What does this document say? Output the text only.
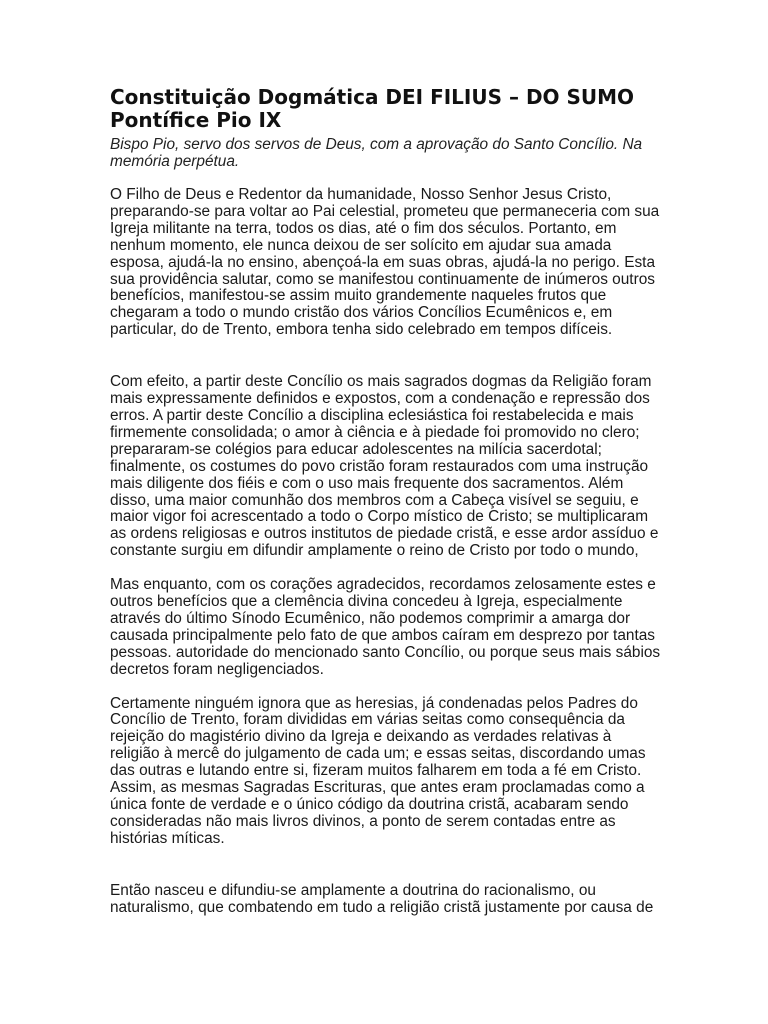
Constituição Dogmática DEI FILIUS – DO SUMO Pontífice Pio IX

Bispo Pio, servo dos servos de Deus, com a aprovação do Santo Concílio. Na memória perpétua.

O Filho de Deus e Redentor da humanidade, Nosso Senhor Jesus Cristo, preparando-se para voltar ao Pai celestial, prometeu que permaneceria com sua Igreja militante na terra, todos os dias, até o fim dos séculos. Portanto, em nenhum momento, ele nunca deixou de ser solícito em ajudar sua amada esposa, ajudá-la no ensino, abençoá-la em suas obras, ajudá-la no perigo. Esta sua providência salutar, como se manifestou continuamente de inúmeros outros benefícios, manifestou-se assim muito grandemente naqueles frutos que chegaram a todo o mundo cristão dos vários Concílios Ecumênicos e, em particular, do de Trento, embora tenha sido celebrado em tempos difíceis.

Com efeito, a partir deste Concílio os mais sagrados dogmas da Religião foram mais expressamente definidos e expostos, com a condenação e repressão dos erros. A partir deste Concílio a disciplina eclesiástica foi restabelecida e mais firmemente consolidada; o amor à ciência e à piedade foi promovido no clero; prepararam-se colégios para educar adolescentes na milícia sacerdotal; finalmente, os costumes do povo cristão foram restaurados com uma instrução mais diligente dos fiéis e com o uso mais frequente dos sacramentos. Além disso, uma maior comunhão dos membros com a Cabeça visível se seguiu, e maior vigor foi acrescentado a todo o Corpo místico de Cristo; se multiplicaram as ordens religiosas e outros institutos de piedade cristã, e esse ardor assíduo e constante surgiu em difundir amplamente o reino de Cristo por todo o mundo,

Mas enquanto, com os corações agradecidos, recordamos zelosamente estes e outros benefícios que a clemência divina concedeu à Igreja, especialmente através do último Sínodo Ecumênico, não podemos comprimir a amarga dor causada principalmente pelo fato de que ambos caíram em desprezo por tantas pessoas. autoridade do mencionado santo Concílio, ou porque seus mais sábios decretos foram negligenciados.

Certamente ninguém ignora que as heresias, já condenadas pelos Padres do Concílio de Trento, foram divididas em várias seitas como consequência da rejeição do magistério divino da Igreja e deixando as verdades relativas à religião à mercê do julgamento de cada um; e essas seitas, discordando umas das outras e lutando entre si, fizeram muitos falharem em toda a fé em Cristo. Assim, as mesmas Sagradas Escrituras, que antes eram proclamadas como a única fonte de verdade e o único código da doutrina cristã, acabaram sendo consideradas não mais livros divinos, a ponto de serem contadas entre as histórias míticas.

Então nasceu e difundiu-se amplamente a doutrina do racionalismo, ou naturalismo, que combatendo em tudo a religião cristã justamente por causa de
